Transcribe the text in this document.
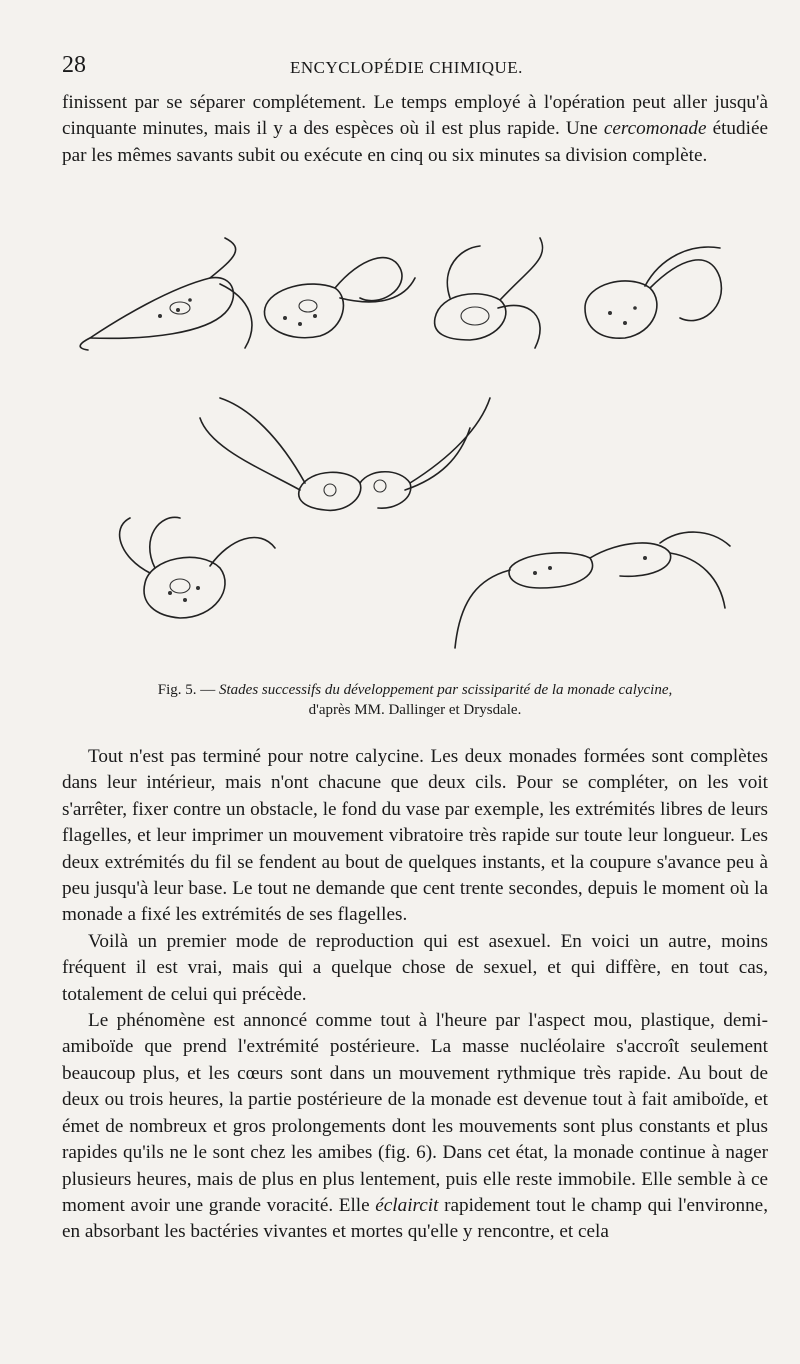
28	ENCYCLOPÉDIE CHIMIQUE.

finissent par se séparer complétement. Le temps employé à l'opération peut aller jusqu'à cinquante minutes, mais il y a des espèces où il est plus rapide. Une cercomonade étudiée par les mêmes savants subit ou exécute en cinq ou six minutes sa division complète.

Fig. 5. — Stades successifs du développement par scissiparité de la monade calycine,
d'après MM. Dallinger et Drysdale.

Tout n'est pas terminé pour notre calycine. Les deux monades formées sont complètes dans leur intérieur, mais n'ont chacune que deux cils. Pour se compléter, on les voit s'arrêter, fixer contre un obstacle, le fond du vase par exemple, les extrémités libres de leurs flagelles, et leur imprimer un mouvement vibratoire très rapide sur toute leur longueur. Les deux extrémités du fil se fendent au bout de quelques instants, et la coupure s'avance peu à peu jusqu'à leur base. Le tout ne demande que cent trente secondes, depuis le moment où la monade a fixé les extrémités de ses flagelles.

Voilà un premier mode de reproduction qui est asexuel. En voici un autre, moins fréquent il est vrai, mais qui a quelque chose de sexuel, et qui diffère, en tout cas, totalement de celui qui précède.

Le phénomène est annoncé comme tout à l'heure par l'aspect mou, plastique, demi-amiboïde que prend l'extrémité postérieure. La masse nucléolaire s'accroît seulement beaucoup plus, et les cœurs sont dans un mouvement rythmique très rapide. Au bout de deux ou trois heures, la partie postérieure de la monade est devenue tout à fait amiboïde, et émet de nombreux et gros prolongements dont les mouvements sont plus constants et plus rapides qu'ils ne le sont chez les amibes (fig. 6). Dans cet état, la monade continue à nager plusieurs heures, mais de plus en plus lentement, puis elle reste immobile. Elle semble à ce moment avoir une grande voracité. Elle éclaircit rapidement tout le champ qui l'environne, en absorbant les bactéries vivantes et mortes qu'elle y rencontre, et cela
